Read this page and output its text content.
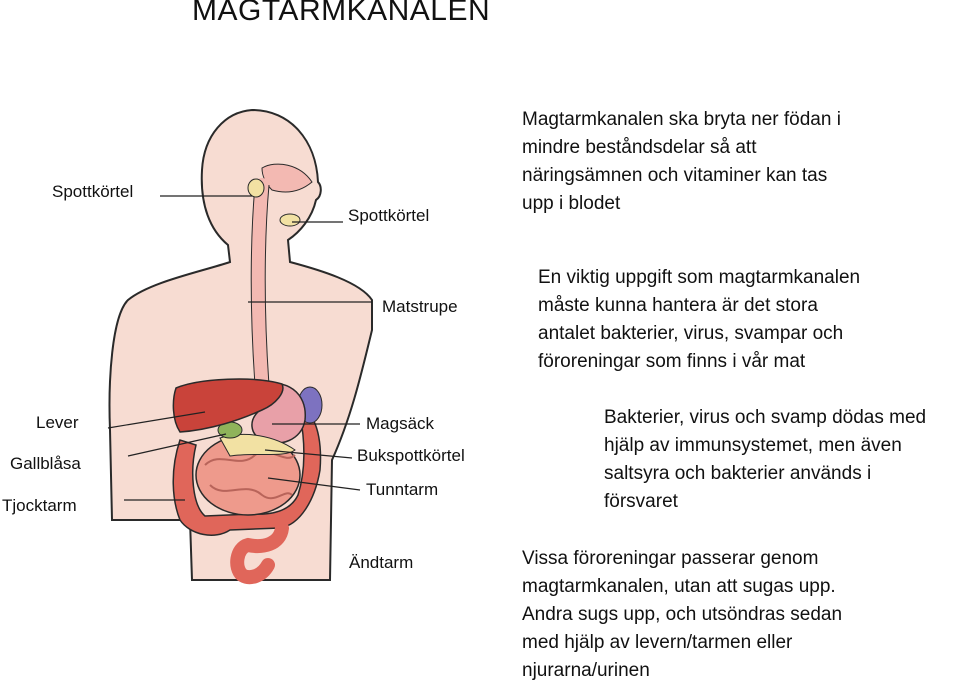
MAGTARMKANALEN
Spottkörtel
Spottkörtel
Matstrupe
Lever
Gallblåsa
Tjocktarm
Magsäck
Bukspottkörtel
Tunntarm
Ändtarm
Magtarmkanalen ska bryta ner födan i
mindre beståndsdelar så att
näringsämnen och vitaminer kan tas
upp i blodet
En viktig uppgift som magtarmkanalen
måste kunna hantera är det stora
antalet bakterier, virus, svampar och
föroreningar som finns i vår mat
Bakterier, virus och svamp dödas med
hjälp av immunsystemet, men även
saltsyra och bakterier används i
försvaret
Vissa föroreningar passerar genom
magtarmkanalen, utan att sugas upp.
Andra sugs upp, och utsöndras sedan
med hjälp av levern/tarmen eller
njurarna/urinen
